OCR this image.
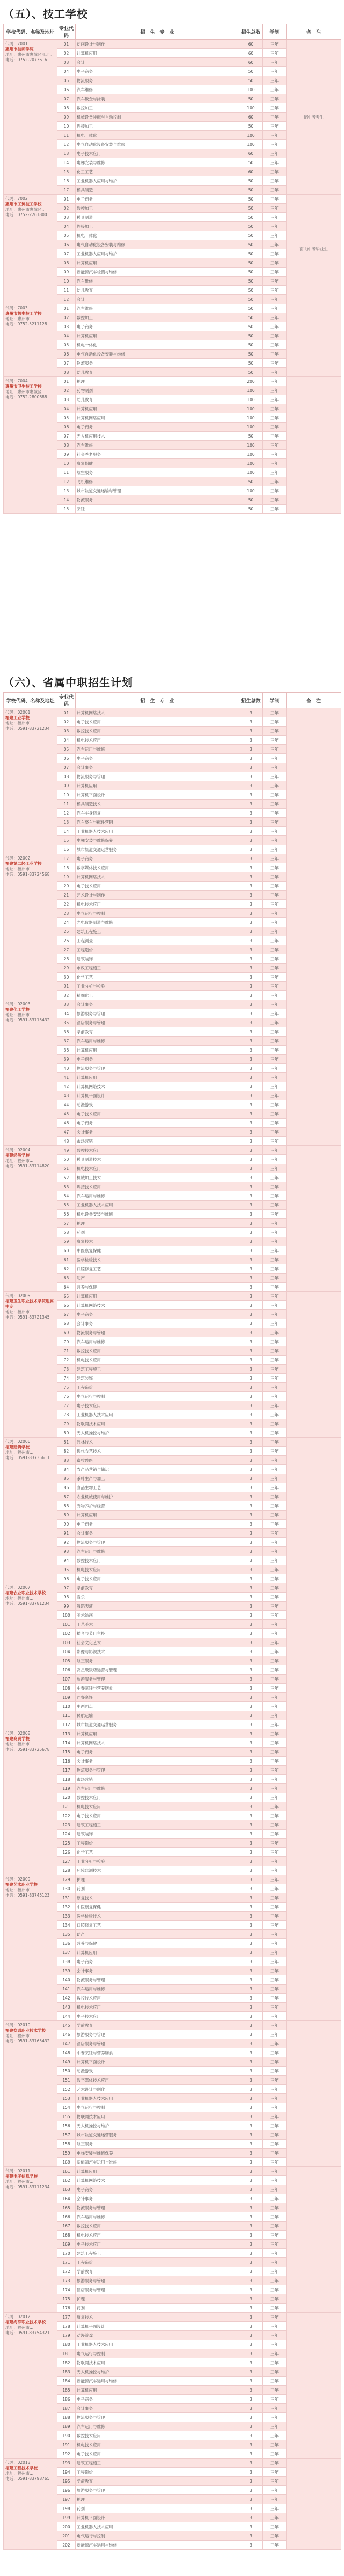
（五）、技工学校
学校代码、名称及地址	专业代码	招　生　专　业	招生总数	学制	备　注

代码：7001
惠州市技师学院
地址：惠州市惠城区江北...
电话：0752-2073616	01	动画设计与制作	60	三年	招中考考生
	02	计算机应用	60	三年	
	03	会计	60	三年	
	04	电子商务	50	三年	
	05	物流服务	50	三年	
	06	汽车维修	100	三年	
	07	汽车钣金与涂装	50	三年	
	08	数控加工	100	三年	
	09	机械设备装配与自动控制	60	三年	
	10	焊接加工	50	三年	
	11	机电一体化	100	三年	
	12	电气自动化设备安装与维修	100	三年	
	13	电子技术应用	60	三年	
	14	电梯安装与维修	50	三年	
	15	化工工艺	60	三年	
	16	工业机器人应用与维护	50	三年	
	17	模具制造	50	三年	

代码：7002
惠州市工贸技工学校
地址：惠州市惠城区...
电话：0752-2261800	01	电子商务	50	三年	面向中考毕业生
	02	数控加工	50	三年	
	03	模具制造	50	三年	
	04	焊接加工	50	三年	
	05	机电一体化	50	三年	
	06	电气自动化设备安装与维修	50	三年	
	07	工业机器人应用与维护	50	三年	
	08	计算机应用	50	三年	
	09	新能源汽车检测与维修	50	三年	
	10	汽车维修	50	三年	
	11	幼儿教育	50	三年	
	12	会计	50	三年	

代码：7003
惠州市机电技工学校
地址：惠州市...
电话：0752-5211128	01	汽车维修	50	三年	
	02	数控加工	50	三年	
	03	电子商务	50	三年	
	04	计算机应用	50	三年	
	05	机电一体化	50	三年	
	06	电气自动化设备安装与维修	50	三年	
	07	物流服务	50	三年	
	08	幼儿教育	50	三年	

代码：7004
惠州市卫生技工学校
地址：惠州市惠城区...
电话：0752-2800688	01	护理	200	三年	
	02	药物制剂	100	三年	
	03	幼儿教育	100	三年	
	04	计算机应用	100	三年	
	05	计算机网络应用	100	三年	
	06	电子商务	100	三年	
	07	无人机应用技术	50	三年	
	08	汽车维修	100	三年	
	09	社会养老服务	100	三年	
	10	康复保健	100	三年	
	11	航空服务	100	三年	
	12	飞机维修	50	三年	
	13	城市轨道交通运输与管理	100	三年	
	14	物流服务	50	三年	
	15	烹饪	50	三年	
（六）、省属中职招生计划
学校代码、名称及地址	专业代码	招　生　专　业	招生总数	学制	备　注

代码：02001
福建工业学校
地址：福州市...
电话：0591-83721234	01	计算机网络技术	3	三年	
	02	电子技术应用	3	三年	
	03	数控技术应用	3	三年	
	04	机电技术应用	3	三年	
	05	汽车运用与维修	3	三年	
	06	电子商务	3	三年	
	07	会计事务	3	三年	
	08	物流服务与管理	3	三年	
	09	计算机应用	3	三年	
	10	计算机平面设计	3	三年	
	11	模具制造技术	3	三年	
	12	汽车车身修复	3	三年	
	13	汽车整车与配件营销	3	三年	
	14	工业机器人技术应用	3	三年	
	15	电梯安装与维修保养	3	三年	
	16	城市轨道交通运营服务	3	三年	

代码：02002
福建第二轻工业学校
地址：福州市...
电话：0591-83724568	17	电子商务	3	三年	
	18	数字媒体技术应用	3	三年	
	19	计算机网络技术	3	三年	
	20	电子技术应用	3	三年	
	21	艺术设计与制作	3	三年	
	22	机电技术应用	3	三年	
	23	电气运行与控制	3	三年	
	24	光电仪器制造与维修	3	三年	
	25	建筑工程施工	3	三年	
	26	工程测量	3	三年	
	27	工程造价	3	三年	
	28	建筑装饰	3	三年	
	29	市政工程施工	3	三年	
	30	化学工艺	3	三年	
	31	工业分析与检验	3	三年	
	32	精细化工	3	三年	

代码：02003
福建化工学校
地址：福州市...
电话：0591-83715432	33	会计事务	3	三年	
	34	旅游服务与管理	3	三年	
	35	酒店服务与管理	3	三年	
	36	学前教育	3	三年	
	37	汽车运用与维修	3	三年	
	38	计算机应用	3	三年	
	39	电子商务	3	三年	
	40	物流服务与管理	3	三年	
	41	计算机应用	3	三年	
	42	计算机网络技术	3	三年	
	43	计算机平面设计	3	三年	
	44	动漫游戏	3	三年	
	45	电子技术应用	3	三年	
	46	电子商务	3	三年	
	47	会计事务	3	三年	
	48	市场营销	3	三年	

代码：02004
福建经济学校
地址：福州市...
电话：0591-83714820	49	数控技术应用	3	三年	
	50	模具制造技术	3	三年	
	51	机电技术应用	3	三年	
	52	机械加工技术	3	三年	
	53	焊接技术应用	3	三年	
	54	汽车运用与维修	3	三年	
	55	工业机器人技术应用	3	三年	
	56	机电设备安装与维修	3	三年	
	57	护理	3	三年	
	58	药剂	3	三年	
	59	康复技术	3	三年	
	60	中医康复保健	3	三年	
	61	医学检验技术	3	三年	
	62	口腔修复工艺	3	三年	
	63	助产	3	三年	
	64	营养与保健	3	三年	

代码：02005
福建卫生职业技术学院附属中专
地址：福州市...
电话：0591-83721345	65	计算机应用	3	三年	
	66	计算机网络技术	3	三年	
	67	电子商务	3	三年	
	68	会计事务	3	三年	
	69	物流服务与管理	3	三年	
	70	汽车运用与维修	3	三年	
	71	数控技术应用	3	三年	
	72	机电技术应用	3	三年	
	73	建筑工程施工	3	三年	
	74	建筑装饰	3	三年	
	75	工程造价	3	三年	
	76	电气运行与控制	3	三年	
	77	电子技术应用	3	三年	
	78	工业机器人技术应用	3	三年	
	79	物联网技术应用	3	三年	
	80	无人机操控与维护	3	三年	

代码：02006
福建建筑学校
地址：福州市...
电话：0591-83735611	81	园林技术	3	三年	
	82	现代农艺技术	3	三年	
	83	畜牧兽医	3	三年	
	84	农产品营销与储运	3	三年	
	85	茶叶生产与加工	3	三年	
	86	食品生物工艺	3	三年	
	87	农业机械使用与维护	3	三年	
	88	宠物养护与经营	3	三年	
	89	计算机应用	3	三年	
	90	电子商务	3	三年	
	91	会计事务	3	三年	
	92	物流服务与管理	3	三年	
	93	汽车运用与维修	3	三年	
	94	数控技术应用	3	三年	
	95	机电技术应用	3	三年	
	96	电子技术应用	3	三年	

代码：02007
福建农业职业技术学校
地址：福州市...
电话：0591-83781234	97	学前教育	3	三年	
	98	音乐	3	三年	
	99	舞蹈表演	3	三年	
	100	美术绘画	3	三年	
	101	工艺美术	3	三年	
	102	播音与节目主持	3	三年	
	103	社会文化艺术	3	三年	
	104	影像与影视技术	3	三年	
	105	航空服务	3	三年	
	106	高星级饭店运营与管理	3	三年	
	107	旅游服务与管理	3	三年	
	108	中餐烹饪与营养膳食	3	三年	
	109	西餐烹饪	3	三年	
	110	中西面点	3	三年	
	111	民航运输	3	三年	
	112	城市轨道交通运营服务	3	三年	

代码：02008
福建商贸学校
地址：福州市...
电话：0591-83725678	113	计算机应用	3	三年	
	114	计算机网络技术	3	三年	
	115	电子商务	3	三年	
	116	会计事务	3	三年	
	117	物流服务与管理	3	三年	
	118	市场营销	3	三年	
	119	汽车运用与维修	3	三年	
	120	数控技术应用	3	三年	
	121	机电技术应用	3	三年	
	122	电子技术应用	3	三年	
	123	建筑工程施工	3	三年	
	124	建筑装饰	3	三年	
	125	工程造价	3	三年	
	126	化学工艺	3	三年	
	127	工业分析与检验	3	三年	
	128	环境监测技术	3	三年	

代码：02009
福建艺术职业学校
地址：福州市...
电话：0591-83745123	129	护理	3	三年	
	130	药剂	3	三年	
	131	康复技术	3	三年	
	132	中医康复保健	3	三年	
	133	医学检验技术	3	三年	
	134	口腔修复工艺	3	三年	
	135	助产	3	三年	
	136	营养与保健	3	三年	
	137	计算机应用	3	三年	
	138	电子商务	3	三年	
	139	会计事务	3	三年	
	140	物流服务与管理	3	三年	
	141	汽车运用与维修	3	三年	
	142	数控技术应用	3	三年	
	143	机电技术应用	3	三年	
	144	电子技术应用	3	三年	

代码：02010
福建交通职业技术学校
地址：福州市...
电话：0591-83765432	145	学前教育	3	三年	
	146	旅游服务与管理	3	三年	
	147	酒店服务与管理	3	三年	
	148	中餐烹饪与营养膳食	3	三年	
	149	计算机平面设计	3	三年	
	150	动漫游戏	3	三年	
	151	数字媒体技术应用	3	三年	
	152	艺术设计与制作	3	三年	
	153	工业机器人技术应用	3	三年	
	154	电气运行与控制	3	三年	
	155	物联网技术应用	3	三年	
	156	无人机操控与维护	3	三年	
	157	城市轨道交通运营服务	3	三年	
	158	航空服务	3	三年	
	159	电梯安装与维修保养	3	三年	
	160	新能源汽车运用与维修	3	三年	

代码：02011
福建电子信息学校
地址：福州市...
电话：0591-83711234	161	计算机应用	3	三年	
	162	计算机网络技术	3	三年	
	163	电子商务	3	三年	
	164	会计事务	3	三年	
	165	物流服务与管理	3	三年	
	166	汽车运用与维修	3	三年	
	167	数控技术应用	3	三年	
	168	机电技术应用	3	三年	
	169	电子技术应用	3	三年	
	170	建筑工程施工	3	三年	
	171	工程造价	3	三年	
	172	学前教育	3	三年	
	173	旅游服务与管理	3	三年	
	174	酒店服务与管理	3	三年	
	175	护理	3	三年	
	176	药剂	3	三年	

代码：02012
福建海洋职业技术学校
地址：福州市...
电话：0591-83754321	177	康复技术	3	三年	
	178	计算机平面设计	3	三年	
	179	动漫游戏	3	三年	
	180	工业机器人技术应用	3	三年	
	181	电气运行与控制	3	三年	
	182	物联网技术应用	3	三年	
	183	无人机操控与维护	3	三年	
	184	新能源汽车运用与维修	3	三年	
	185	计算机应用	3	三年	
	186	电子商务	3	三年	
	187	会计事务	3	三年	
	188	物流服务与管理	3	三年	
	189	汽车运用与维修	3	三年	
	190	数控技术应用	3	三年	
	191	机电技术应用	3	三年	
	192	电子技术应用	3	三年	

代码：02013
福建工程技术学校
地址：福州市...
电话：0591-83798765	193	建筑工程施工	3	三年	
	194	工程造价	3	三年	
	195	学前教育	3	三年	
	196	旅游服务与管理	3	三年	
	197	护理	3	三年	
	198	药剂	3	三年	
	199	计算机平面设计	3	三年	
	200	工业机器人技术应用	3	三年	
	201	电气运行与控制	3	三年	
	202	新能源汽车运用与维修	3	三年	
